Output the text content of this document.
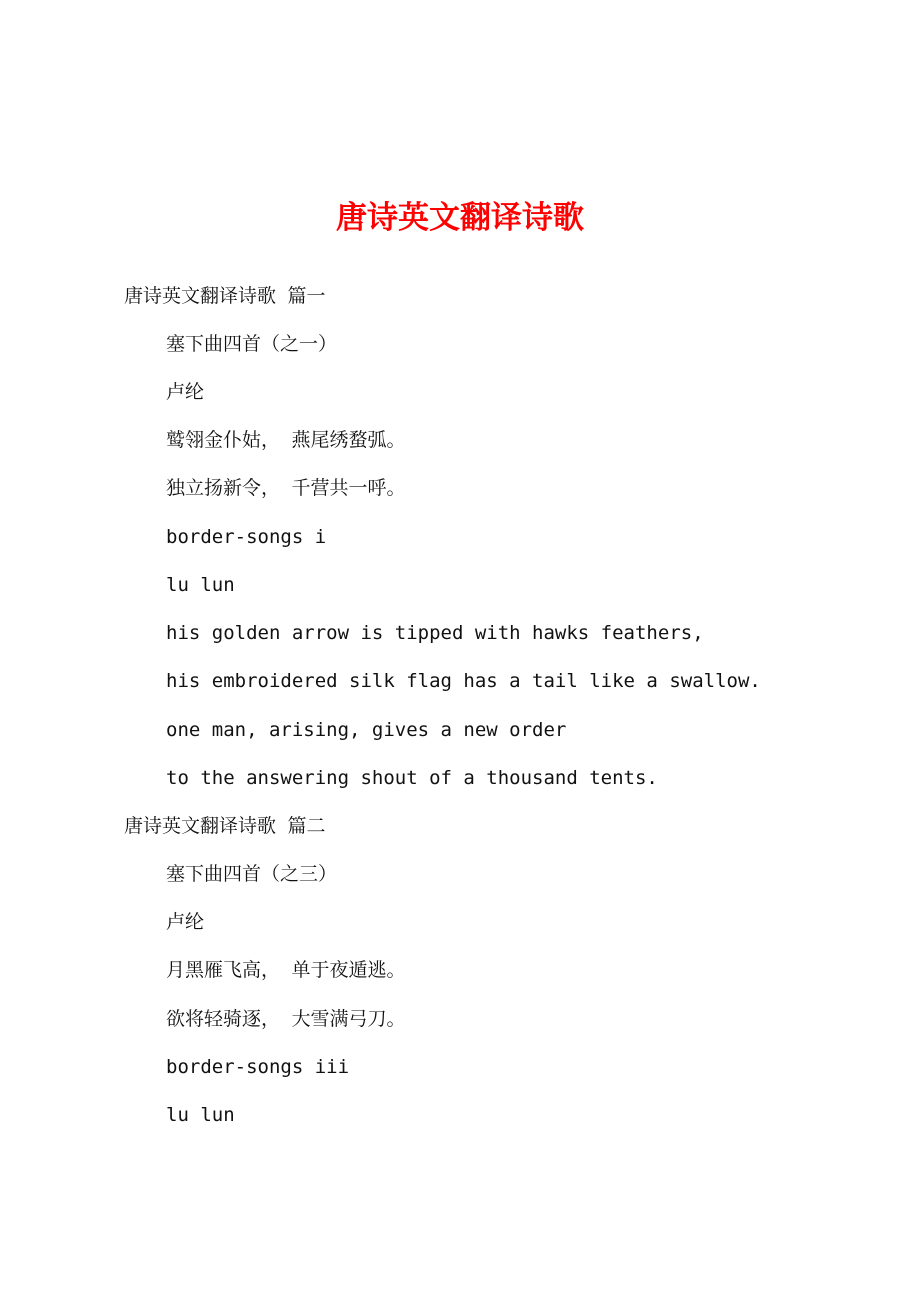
唐诗英文翻译诗歌
唐诗英文翻译诗歌 篇一
塞下曲四首（之一）
卢纶
鹫翎金仆姑， 燕尾绣蝥弧。
独立扬新令， 千营共一呼。
border-songs i
lu lun
his golden arrow is tipped with hawks feathers,
his embroidered silk flag has a tail like a swallow.
one man, arising, gives a new order
to the answering shout of a thousand tents.
唐诗英文翻译诗歌 篇二
塞下曲四首（之三）
卢纶
月黑雁飞高， 单于夜遁逃。
欲将轻骑逐， 大雪满弓刀。
border-songs iii
lu lun
